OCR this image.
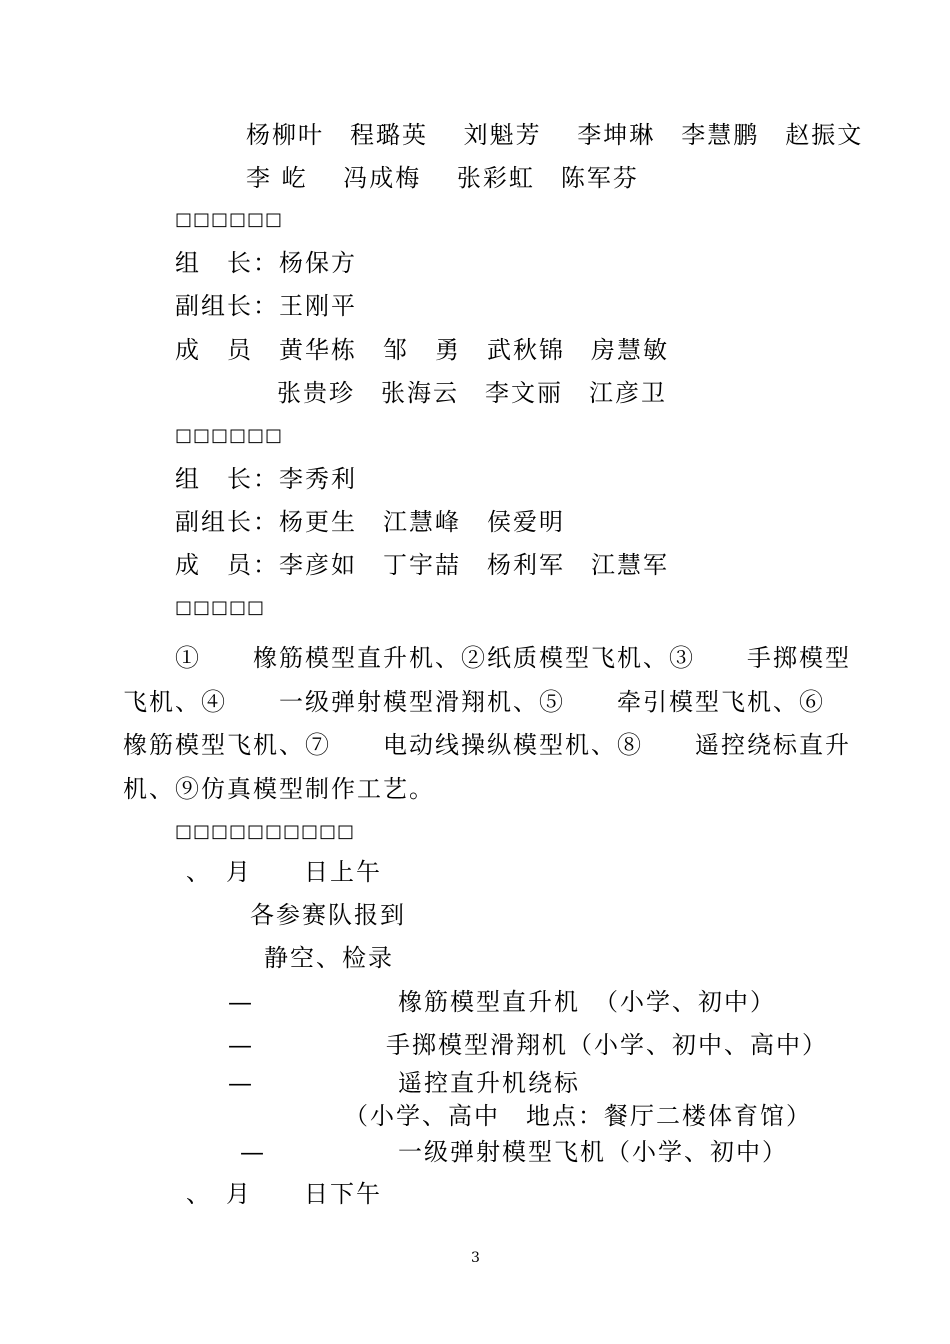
杨柳叶　程璐英　 刘魁芳　 李坤琳　李慧鹏　赵振文
李 屹　 冯成梅　 张彩虹　陈军芬
□□□□□□
组　长：杨保方
副组长：王刚平
成　员　黄华栋　邹　勇　武秋锦　房慧敏
张贵珍　张海云　李文丽　江彦卫
□□□□□□
组　长：李秀利
副组长：杨更生　江慧峰　侯爱明
成　员：李彦如　丁宇喆　杨利军　江慧军
□□□□□
①　　橡筋模型直升机、②纸质模型飞机、③　　手掷模型
飞机、④　　一级弹射模型滑翔机、⑤　　牵引模型飞机、⑥
橡筋模型飞机、⑦　　电动线操纵模型机、⑧　　遥控绕标直升
机、⑨仿真模型制作工艺。
□□□□□□□□□□
、　月　　日上午
各参赛队报到
静空、检录
—	橡筋模型直升机　（小学、初中）
—	手掷模型滑翔机（小学、初中、高中）
—	遥控直升机绕标
（小学、高中　地点：餐厅二楼体育馆）
—	一级弹射模型飞机（小学、初中）
、　月　　日下午
3
